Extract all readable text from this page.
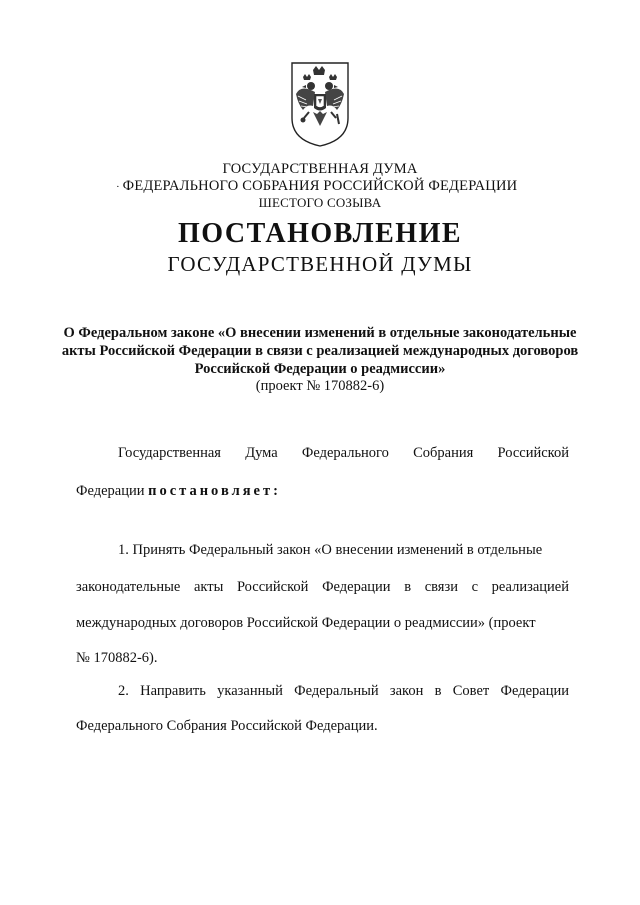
ГОСУДАРСТВЕННАЯ ДУМА
· ФЕДЕРАЛЬНОГО СОБРАНИЯ РОССИЙСКОЙ ФЕДЕРАЦИИ
ШЕСТОГО СОЗЫВА
ПОСТАНОВЛЕНИЕ
ГОСУДАРСТВЕННОЙ ДУМЫ
О Федеральном законе «О внесении изменений в отдельные законодательные акты Российской Федерации в связи с реализацией международных договоров Российской Федерации о реадмиссии»
(проект № 170882-6)
Государственная Дума Федерального Собрания Российской
Федерации постановляет:
1. Принять Федеральный закон «О внесении изменений в отдельные
законодательные акты Российской Федерации в связи с реализацией
международных договоров Российской Федерации о реадмиссии» (проект
№ 170882-6).
2. Направить указанный Федеральный закон в Совет Федерации
Федерального Собрания Российской Федерации.
